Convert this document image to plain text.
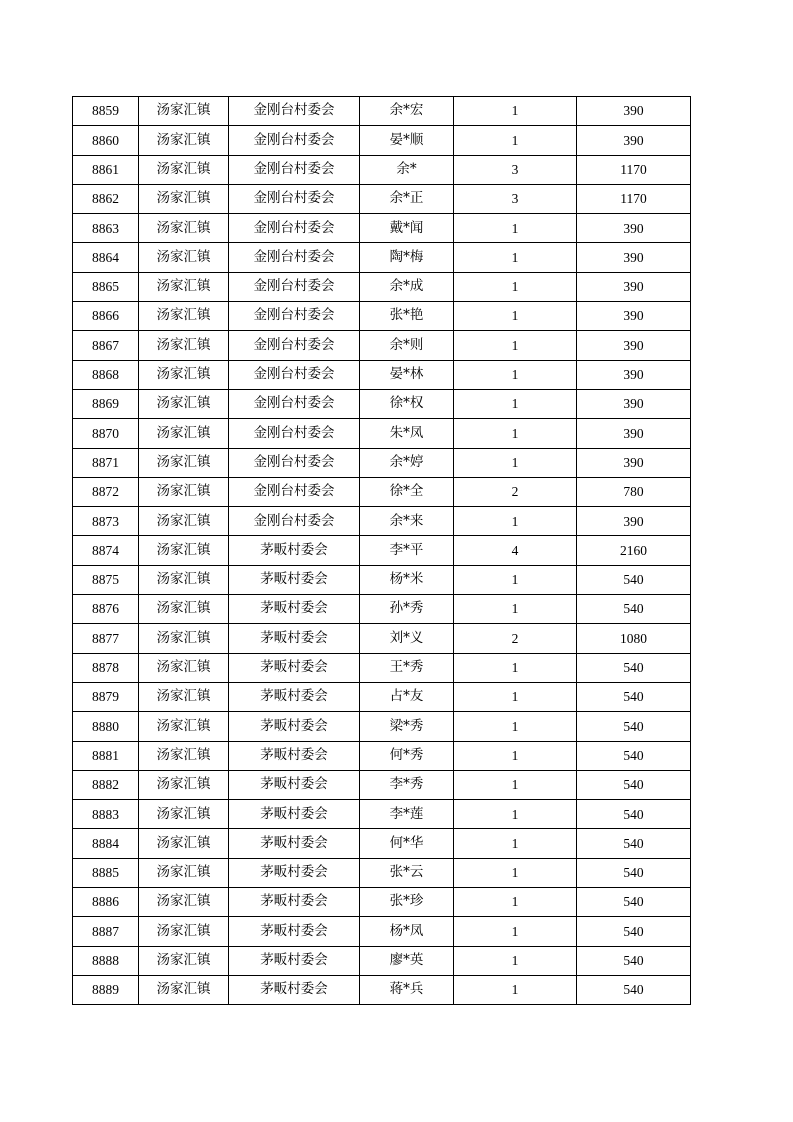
8859	汤家汇镇	金刚台村委会	余*宏	1	390
8860	汤家汇镇	金刚台村委会	晏*顺	1	390
8861	汤家汇镇	金刚台村委会	余*	3	1170
8862	汤家汇镇	金刚台村委会	余*正	3	1170
8863	汤家汇镇	金刚台村委会	戴*闻	1	390
8864	汤家汇镇	金刚台村委会	陶*梅	1	390
8865	汤家汇镇	金刚台村委会	余*成	1	390
8866	汤家汇镇	金刚台村委会	张*艳	1	390
8867	汤家汇镇	金刚台村委会	余*则	1	390
8868	汤家汇镇	金刚台村委会	晏*林	1	390
8869	汤家汇镇	金刚台村委会	徐*权	1	390
8870	汤家汇镇	金刚台村委会	朱*凤	1	390
8871	汤家汇镇	金刚台村委会	余*婷	1	390
8872	汤家汇镇	金刚台村委会	徐*全	2	780
8873	汤家汇镇	金刚台村委会	余*来	1	390
8874	汤家汇镇	茅畈村委会	李*平	4	2160
8875	汤家汇镇	茅畈村委会	杨*米	1	540
8876	汤家汇镇	茅畈村委会	孙*秀	1	540
8877	汤家汇镇	茅畈村委会	刘*义	2	1080
8878	汤家汇镇	茅畈村委会	王*秀	1	540
8879	汤家汇镇	茅畈村委会	占*友	1	540
8880	汤家汇镇	茅畈村委会	梁*秀	1	540
8881	汤家汇镇	茅畈村委会	何*秀	1	540
8882	汤家汇镇	茅畈村委会	李*秀	1	540
8883	汤家汇镇	茅畈村委会	李*莲	1	540
8884	汤家汇镇	茅畈村委会	何*华	1	540
8885	汤家汇镇	茅畈村委会	张*云	1	540
8886	汤家汇镇	茅畈村委会	张*珍	1	540
8887	汤家汇镇	茅畈村委会	杨*凤	1	540
8888	汤家汇镇	茅畈村委会	廖*英	1	540
8889	汤家汇镇	茅畈村委会	蒋*兵	1	540
